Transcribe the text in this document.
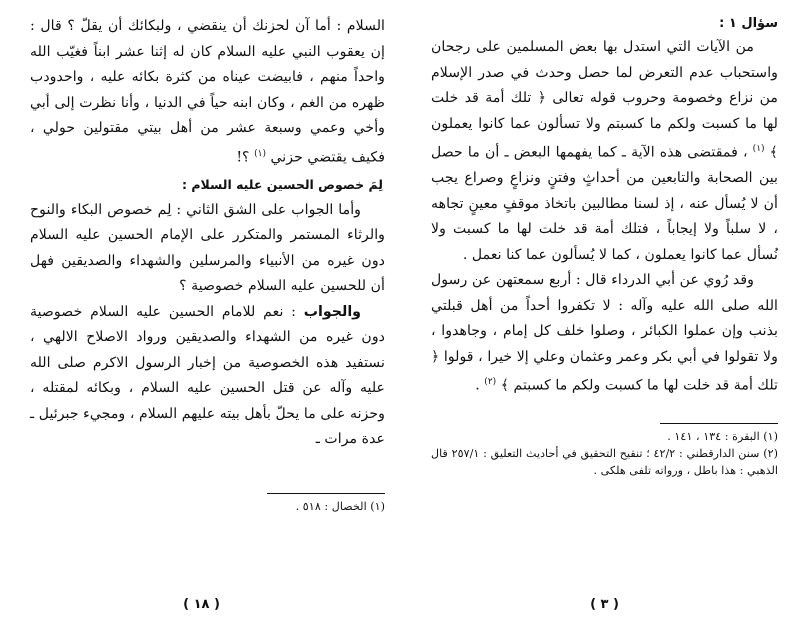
السلام : أما آن لحزنك أن ينقضي ، ولبكائك أن يقلّ ؟ قال : إن يعقوب النبي عليه السلام كان له إثنا عشر ابناً فغيّب الله واحداً منهم ، فابيضت عيناه من كثرة بكائه عليه ، واحدودب ظهره من الغم ، وكان ابنه حياً في الدنيا ، وأنا نظرت إلى أبي وأخي وعمي وسبعة عشر من أهل بيتي مقتولين حولي ، فكيف يقتضي حزني $^{(١)}$ ؟!

لِمَ خصوص الحسين عليه السلام :

وأما الجواب على الشق الثاني : لِم خصوص البكاء والنوح والرثاء المستمر والمتكرر على الإمام الحسين عليه السلام دون غيره من الأنبياء والمرسلين والشهداء والصديقين فهل أن للحسين عليه السلام خصوصية ؟

والجواب : نعم للامام الحسين عليه السلام خصوصية دون غيره من الشهداء والصديقين ورواد الاصلاح الالهي ، نستفيد هذه الخصوصية من إخبار الرسول الاكرم صلى الله عليه وآله عن قتل الحسين عليه السلام ، وبكائه لمقتله ، وحزنه على ما يحلّ بأهل بيته عليهم السلام ، ومجيء جبرئيل ـ عدة مرات ـ

(١) الخصال : ٥١٨ .

( ١٨ )
سؤال ١ :

من الآيات التي استدل بها بعض المسلمين على رجحان واستحباب عدم التعرض لما حصل وحدث في صدر الإسلام من نزاع وخصومة وحروب قوله تعالى ﴿ تلك أمة قد خلت لها ما كسبت ولكم ما كسبتم ولا تسألون عما كانوا يعملون ﴾ $^{(١)}$ ، فمقتضى هذه الآية ـ كما يفهمها البعض ـ أن ما حصل بين الصحابة والتابعين من أحداثٍ وفتنٍ ونزاعٍ وصراع يجب أن لا يُسأل عنه ، إذ لسنا مطالبين باتخاذ موقفٍ معينٍ تجاهه ، لا سلباً ولا إيجاباً ، فتلك أمة قد خلت لها ما كسبت ولا نُسأل عما كانوا يعملون ، كما لا يُسألون عما كنا نعمل .

وقد رُوي عن أبي الدرداء قال : أربع سمعتهن عن رسول الله صلى الله عليه وآله : لا تكفروا أحداً من أهل قبلتي بذنب وإن عملوا الكبائر ، وصلوا خلف كل إمام ، وجاهدوا ، ولا تقولوا في أبي بكر وعمر وعثمان وعلي إلا خيرا ، قولوا ﴿ تلك أمة قد خلت لها ما كسبت ولكم ما كسبتم ﴾ $^{(٢)}$ .

(١) البقرة : ١٣٤ ، ١٤١ .

(٢) سنن الدارقطني : ٤٢/٢ ؛ تنقيح التحقيق في أحاديث التعليق : ٢٥٧/١ قال الذهبي : هذا باطل ، ورواته تلفى هلكى .

( ٣ )
